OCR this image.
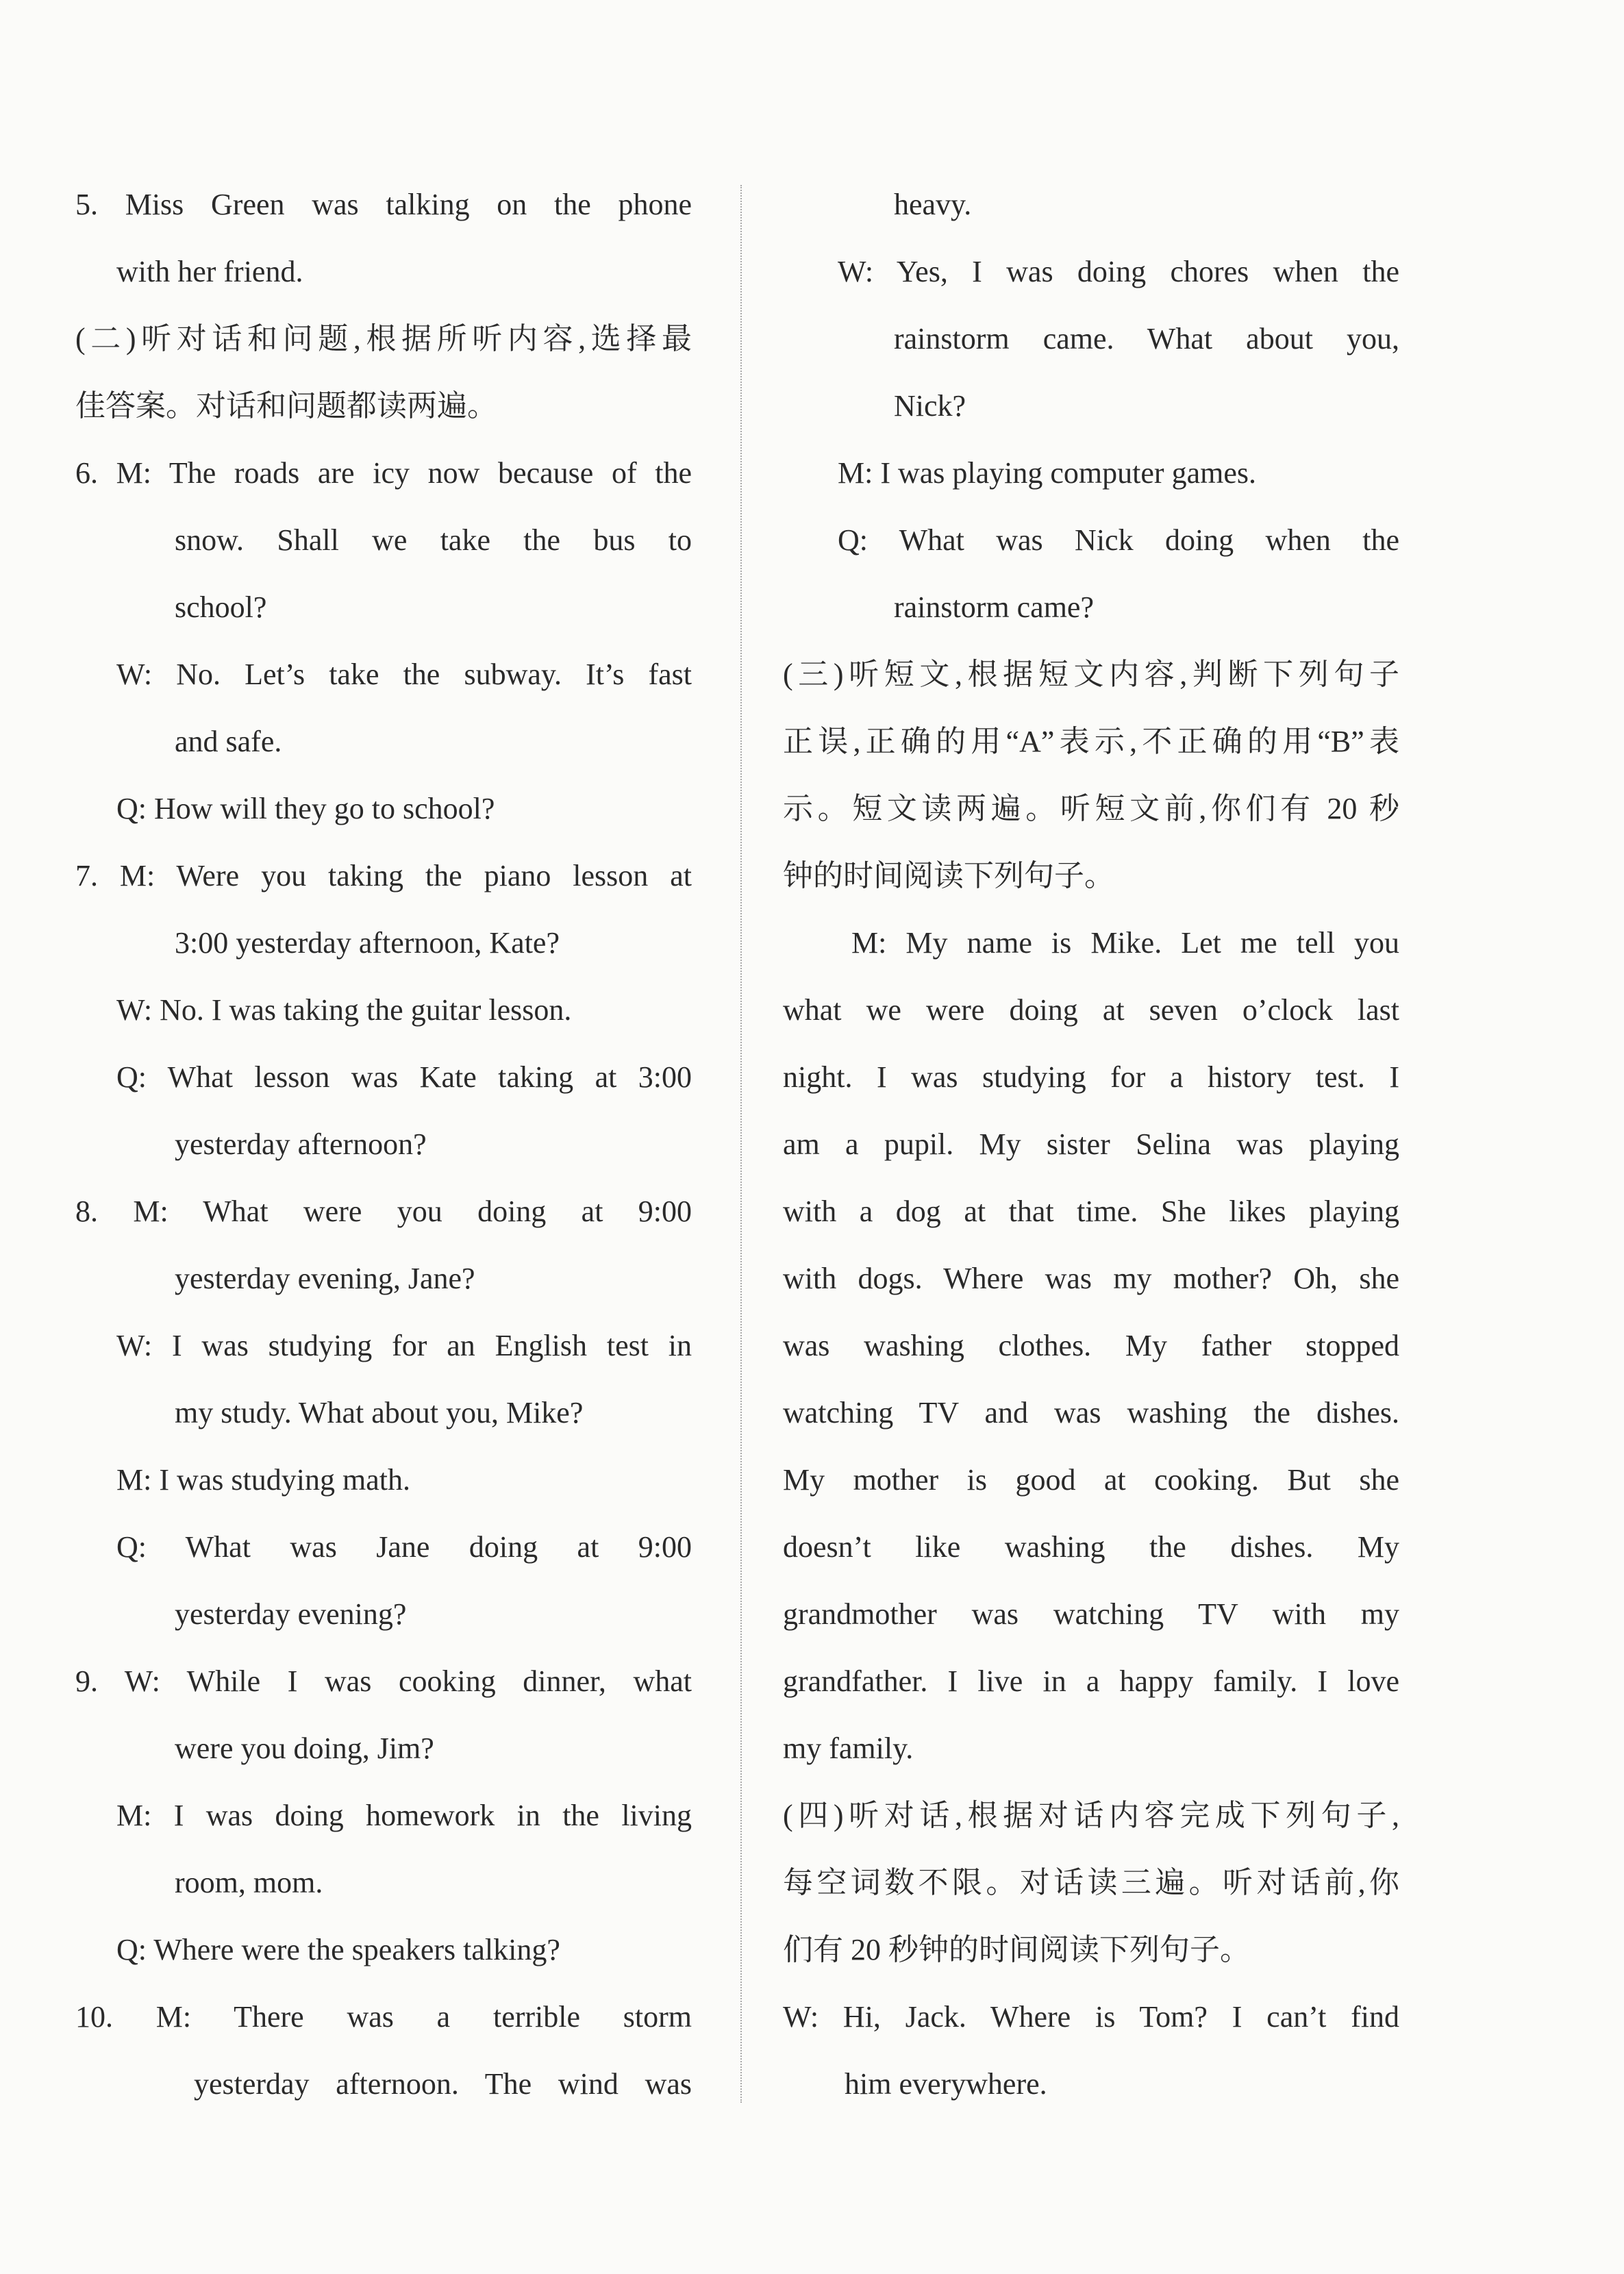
5. Miss Green was talking on the phone
with her friend.
(二)听对话和问题,根据所听内容,选择最
佳答案。对话和问题都读两遍。
6. M: The roads are icy now because of the
snow. Shall we take the bus to
school?
W: No. Let’s take the subway. It’s fast
and safe.
Q: How will they go to school?
7. M: Were you taking the piano lesson at
3:00 yesterday afternoon, Kate?
W: No. I was taking the guitar lesson.
Q: What lesson was Kate taking at 3:00
yesterday afternoon?
8. M: What were you doing at 9:00
yesterday evening, Jane?
W: I was studying for an English test in
my study. What about you, Mike?
M: I was studying math.
Q: What was Jane doing at 9:00
yesterday evening?
9. W: While I was cooking dinner, what
were you doing, Jim?
M: I was doing homework in the living
room, mom.
Q: Where were the speakers talking?
10. M: There was a terrible storm
yesterday afternoon. The wind was
heavy.
W: Yes, I was doing chores when the
rainstorm came. What about you,
Nick?
M: I was playing computer games.
Q: What was Nick doing when the
rainstorm came?
(三)听短文,根据短文内容,判断下列句子
正误,正确的用“A”表示,不正确的用“B”表
示。短文读两遍。听短文前,你们有 20 秒
钟的时间阅读下列句子。
M: My name is Mike. Let me tell you
what we were doing at seven o’clock last
night. I was studying for a history test. I
am a pupil. My sister Selina was playing
with a dog at that time. She likes playing
with dogs. Where was my mother? Oh, she
was washing clothes. My father stopped
watching TV and was washing the dishes.
My mother is good at cooking. But she
doesn’t like washing the dishes. My
grandmother was watching TV with my
grandfather. I live in a happy family. I love
my family.
(四)听对话,根据对话内容完成下列句子,
每空词数不限。对话读三遍。听对话前,你
们有 20 秒钟的时间阅读下列句子。
W: Hi, Jack. Where is Tom? I can’t find
him everywhere.
